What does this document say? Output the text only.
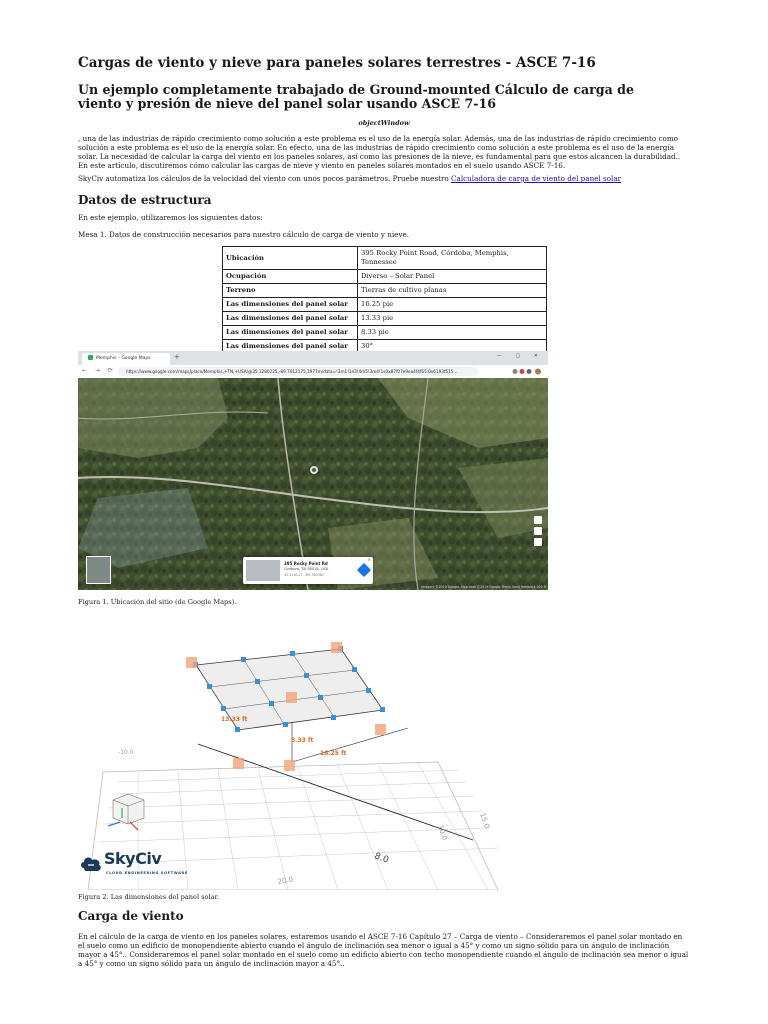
Cargas de viento y nieve para paneles solares terrestres - ASCE 7-16
Un ejemplo completamente trabajado de Ground-mounted Cálculo de carga de viento y presión de nieve del panel solar usando ASCE 7-16
objectWindow

, una de las industrias de rápido crecimiento como solución a este problema es el uso de la energía solar. Además, una de las industrias de rápido crecimiento como solución a este problema es el uso de la energía solar. En efecto, una de las industrias de rápido crecimiento como solución a este problema es el uso de la energía solar. La necesidad de calcular la carga del viento en los paneles solares, así como las presiones de la nieve, es fundamental para que estos alcancen la durabilidad.. En este artículo, discutiremos cómo calcular las cargas de nieve y viento en paneles solares montados en el suelo usando ASCE 7-16.

SkyCiv automatiza los cálculos de la velocidad del viento con unos pocos parámetros. Pruebe nuestro Calculadora de carga de viento del panel solar

Datos de estructura

En este ejemplo, utilizaremos los siguientes datos:

Mesa 1. Datos de construcción necesarios para nuestro cálculo de carga de viento y nieve.

Ubicación	395 Rocky Point Road, Córdoba, Memphis, Tennessee
Ocupación	Diverso – Solar Panel
Terreno	Tierras de cultivo planas
Las dimensiones del panel solar	16.25 pie
Las dimensiones del panel solar	13.33 pie
Las dimensiones del panel solar	8.33 pie
Las dimensiones del panel solar	30°
Memphis – Google Maps	+	— ▢ ✕
← → ⟳	https://www.google.com/maps/place/Memphis,+TN,+USA/@35.1280225,-89.7612175,1977m/data=!3m1!1e3!4m5!3m4!1s0x87f07e9ea4f4f65:0x6193f515…
395 Rocky Point Rd
Cordova, TN 38018, USA
35.126117, -89.760962
✕
Imagery ©2019 Google, Map data ©2019 Google Terms Send feedback 200 ft
Figura 1. Ubicación del sitio (de Google Maps).
13.33 ft
8.33 ft
16.25 ft
8.0
10.0
15.0
20.0
-10.0
SkyCiv
CLOUD ENGINEERING SOFTWARE
Figura 2. Las dimensiones del panel solar.
Carga de viento

En el cálculo de la carga de viento en los paneles solares, estaremos usando el ASCE 7-16 Capítulo 27 – Carga de viento – Consideraremos el panel solar montado en el suelo como un edificio de monopendiente abierto cuando el ángulo de inclinación sea menor o igual a 45° y como un signo sólido para un ángulo de inclinación mayor a 45°.. Consideraremos el panel solar montado en el suelo como un edificio abierto con techo monopendiente cuando el ángulo de inclinación sea menor o igual a 45° y como un signo sólido para un ángulo de inclinación mayor a 45°..
